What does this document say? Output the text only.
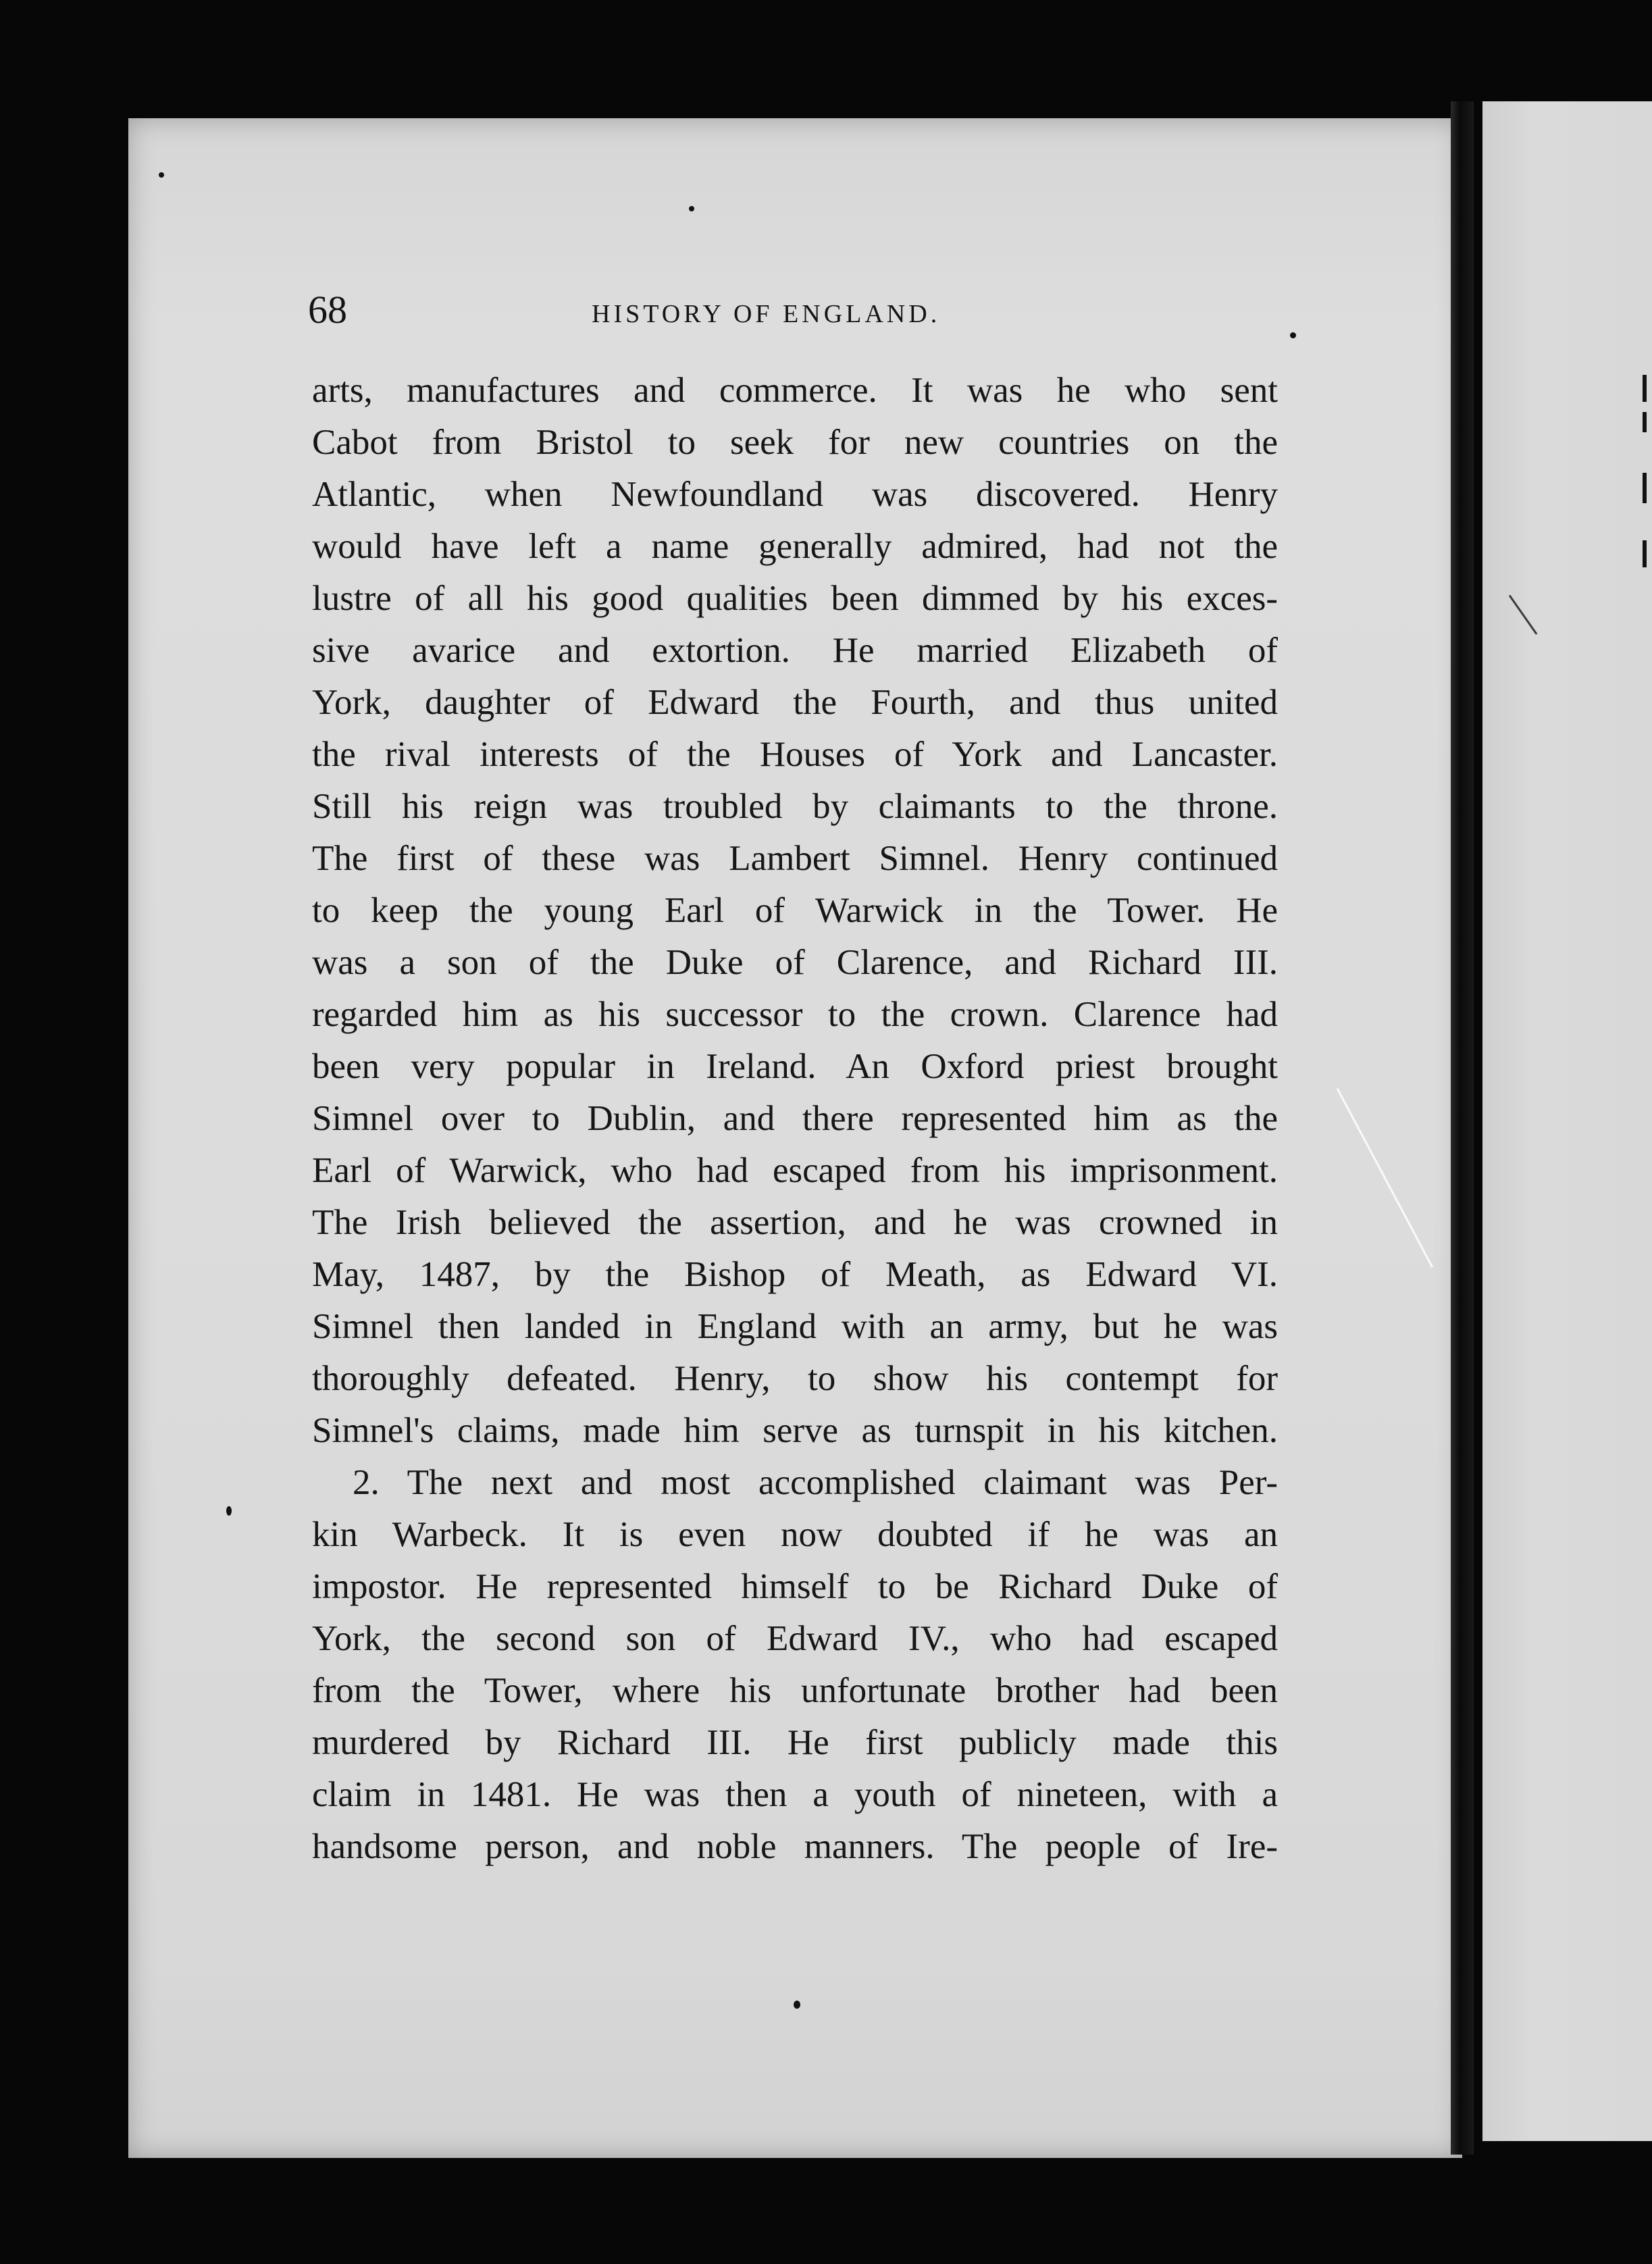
68	HISTORY OF ENGLAND.
arts, manufactures and commerce. It was he who sent
Cabot from Bristol to seek for new countries on the
Atlantic, when Newfoundland was discovered. Henry
would have left a name generally admired, had not the
lustre of all his good qualities been dimmed by his exces-
sive avarice and extortion. He married Elizabeth of
York, daughter of Edward the Fourth, and thus united
the rival interests of the Houses of York and Lancaster.
Still his reign was troubled by claimants to the throne.
The first of these was Lambert Simnel. Henry continued
to keep the young Earl of Warwick in the Tower. He
was a son of the Duke of Clarence, and Richard III.
regarded him as his successor to the crown. Clarence had
been very popular in Ireland. An Oxford priest brought
Simnel over to Dublin, and there represented him as the
Earl of Warwick, who had escaped from his imprisonment.
The Irish believed the assertion, and he was crowned in
May, 1487, by the Bishop of Meath, as Edward VI.
Simnel then landed in England with an army, but he was
thoroughly defeated. Henry, to show his contempt for
Simnel's claims, made him serve as turnspit in his kitchen.
2. The next and most accomplished claimant was Per-
kin Warbeck. It is even now doubted if he was an
impostor. He represented himself to be Richard Duke of
York, the second son of Edward IV., who had escaped
from the Tower, where his unfortunate brother had been
murdered by Richard III. He first publicly made this
claim in 1481. He was then a youth of nineteen, with a
handsome person, and noble manners. The people of Ire-
